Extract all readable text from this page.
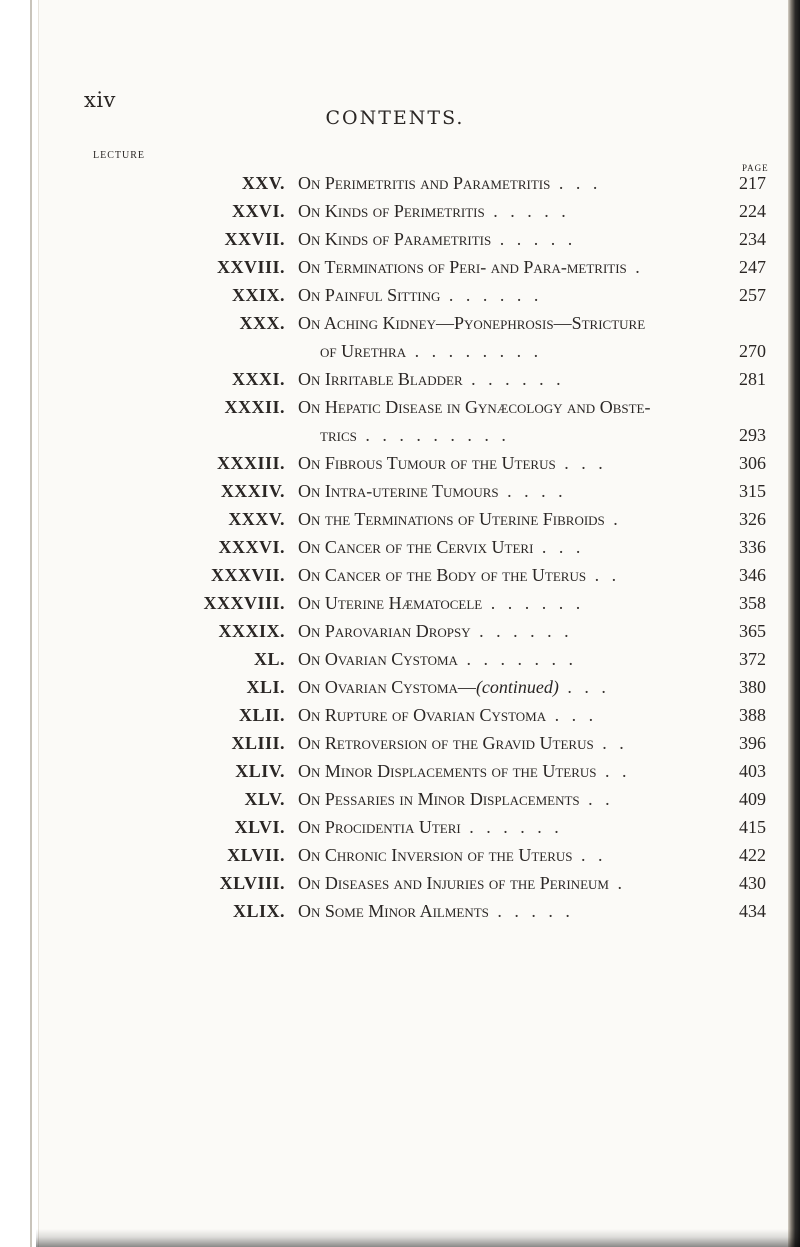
xiv
CONTENTS.
LECTURE
PAGE
XXV. On Perimetritis and Parametritis . . .	217
XXVI. On Kinds of Perimetritis . . . . .	224
XXVII. On Kinds of Parametritis . . . . .	234
XXVIII. On Terminations of Peri- and Para-metritis .	247
XXIX. On Painful Sitting . . . . . .	257
XXX. On Aching Kidney—Pyonephrosis—Stricture
of Urethra . . . . . . . .	270
XXXI. On Irritable Bladder . . . . . .	281
XXXII. On Hepatic Disease in Gynæcology and Obste-
trics . . . . . . . . .	293
XXXIII. On Fibrous Tumour of the Uterus . . .	306
XXXIV. On Intra-uterine Tumours . . . .	315
XXXV. On the Terminations of Uterine Fibroids .	326
XXXVI. On Cancer of the Cervix Uteri . . .	336
XXXVII. On Cancer of the Body of the Uterus . .	346
XXXVIII. On Uterine Hæmatocele . . . . . .	358
XXXIX. On Parovarian Dropsy . . . . . .	365
XL. On Ovarian Cystoma . . . . . . .	372
XLI. On Ovarian Cystoma—(continued) . . .	380
XLII. On Rupture of Ovarian Cystoma . . .	388
XLIII. On Retroversion of the Gravid Uterus . .	396
XLIV. On Minor Displacements of the Uterus . .	403
XLV. On Pessaries in Minor Displacements . .	409
XLVI. On Procidentia Uteri . . . . . .	415
XLVII. On Chronic Inversion of the Uterus . .	422
XLVIII. On Diseases and Injuries of the Perineum .	430
XLIX. On Some Minor Ailments . . . . .	434
